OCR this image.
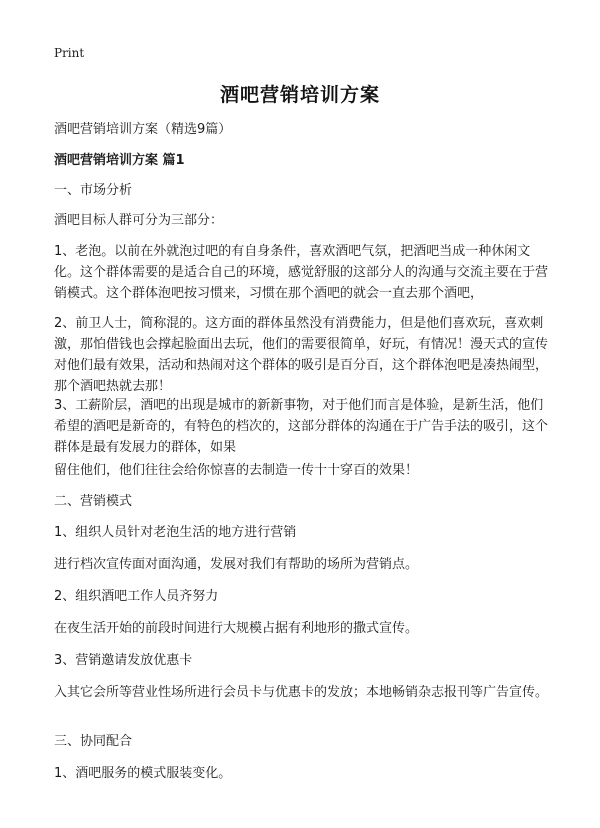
Print
酒吧营销培训方案
酒吧营销培训方案（精选9篇）
酒吧营销培训方案 篇1
一、市场分析
酒吧目标人群可分为三部分：
1、老泡。以前在外就泡过吧的有自身条件，喜欢酒吧气氛，把酒吧当成一种休闲文化。这个群体需要的是适合自己的环境，感觉舒服的这部分人的沟通与交流主要在于营销模式。这个群体泡吧按习惯来，习惯在那个酒吧的就会一直去那个酒吧，
2、前卫人士，简称混的。这方面的群体虽然没有消费能力，但是他们喜欢玩，喜欢刺激，那怕借钱也会撑起脸面出去玩，他们的需要很简单，好玩，有情况！漫天式的宣传对他们最有效果，活动和热闹对这个群体的吸引是百分百，这个群体泡吧是凑热闹型，那个酒吧热就去那！
3、工薪阶层，酒吧的出现是城市的新新事物，对于他们而言是体验，是新生活，他们希望的酒吧是新奇的，有特色的档次的，这部分群体的沟通在于广告手法的吸引，这个群体是最有发展力的群体，如果
留住他们，他们往往会给你惊喜的去制造一传十十穿百的效果！
二、营销模式
1、组织人员针对老泡生活的地方进行营销
进行档次宣传面对面沟通，发展对我们有帮助的场所为营销点。
2、组织酒吧工作人员齐努力
在夜生活开始的前段时间进行大规模占据有利地形的撒式宣传。
3、营销邀请发放优惠卡
入其它会所等营业性场所进行会员卡与优惠卡的发放；本地畅销杂志报刊等广告宣传。
三、协同配合
1、酒吧服务的模式服装变化。
